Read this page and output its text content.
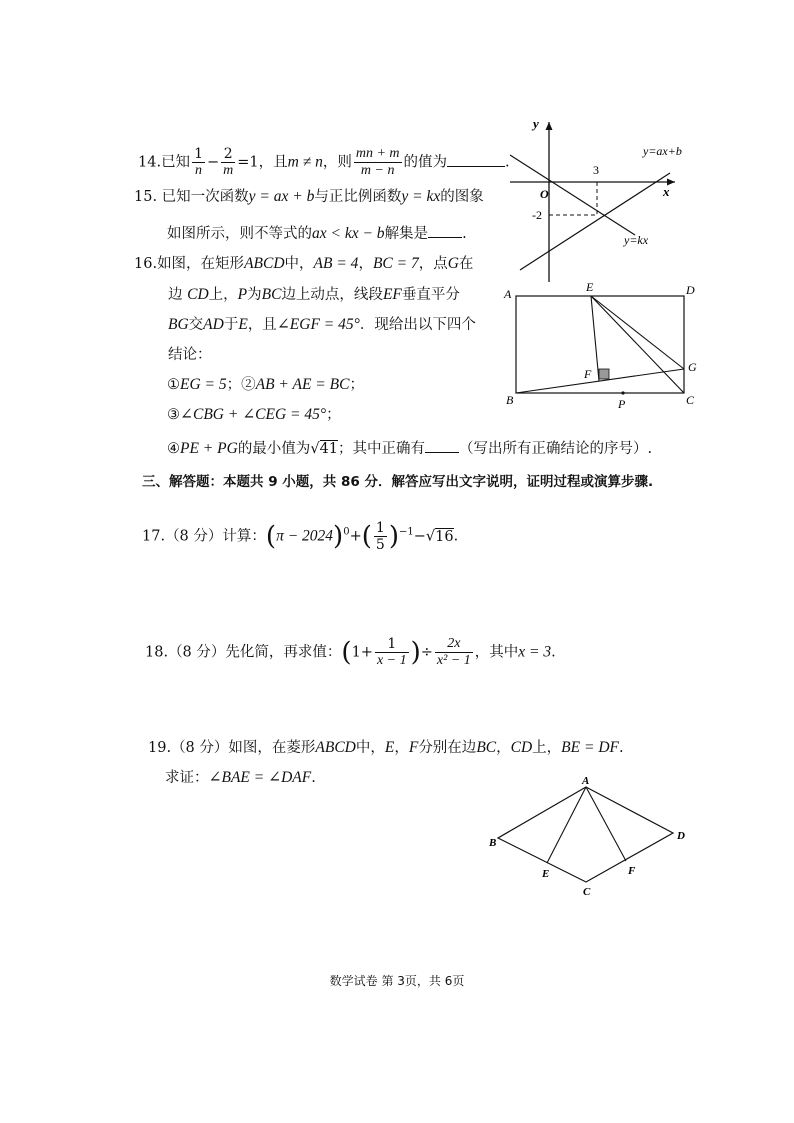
14.已知 $\frac{1}{n} - \frac{2}{m} =1$，且m ≠ n，则 $\frac{mn + m}{m - n}$ 的值为	.
15. 已知一次函数y = ax + b与正比例函数y = kx的图象
如图所示，则不等式的ax < kx − b解集是 .
y
x
O
3
-2
y=ax+b
y=kx
16.如图，在矩形ABCD中，AB = 4，BC = 7，点G在
边 CD上，P为BC边上动点，线段EF垂直平分
BG交AD于E，且∠EGF = 45°．现给出以下四个
结论：
①EG = 5；②AB + AE = BC；
③∠CBG + ∠CEG = 45°；
④PE + PG的最小值为√41；其中正确有 （写出所有正确结论的序号）.
A	E	D
G
F
B	P	C
三、解答题：本题共 9 小题，共 86 分．解答应写出文字说明，证明过程或演算步骤.
17.（8 分）计算：$(\pi - 2024)^0+( \frac{1}{5} )^{-1}-√16$.
18.（8 分）先化简，再求值：($1+ \frac{1}{x - 1}$ )÷ $\frac{2x}{\text{x² − 1}}$ ，其中x = 3.
19.（8 分）如图，在菱形ABCD中，E，F分别在边BC，CD上，BE = DF.
求证：∠BAE = ∠DAF.	A
B
D
E	F
C
数学试卷 第 3页，共 6页
